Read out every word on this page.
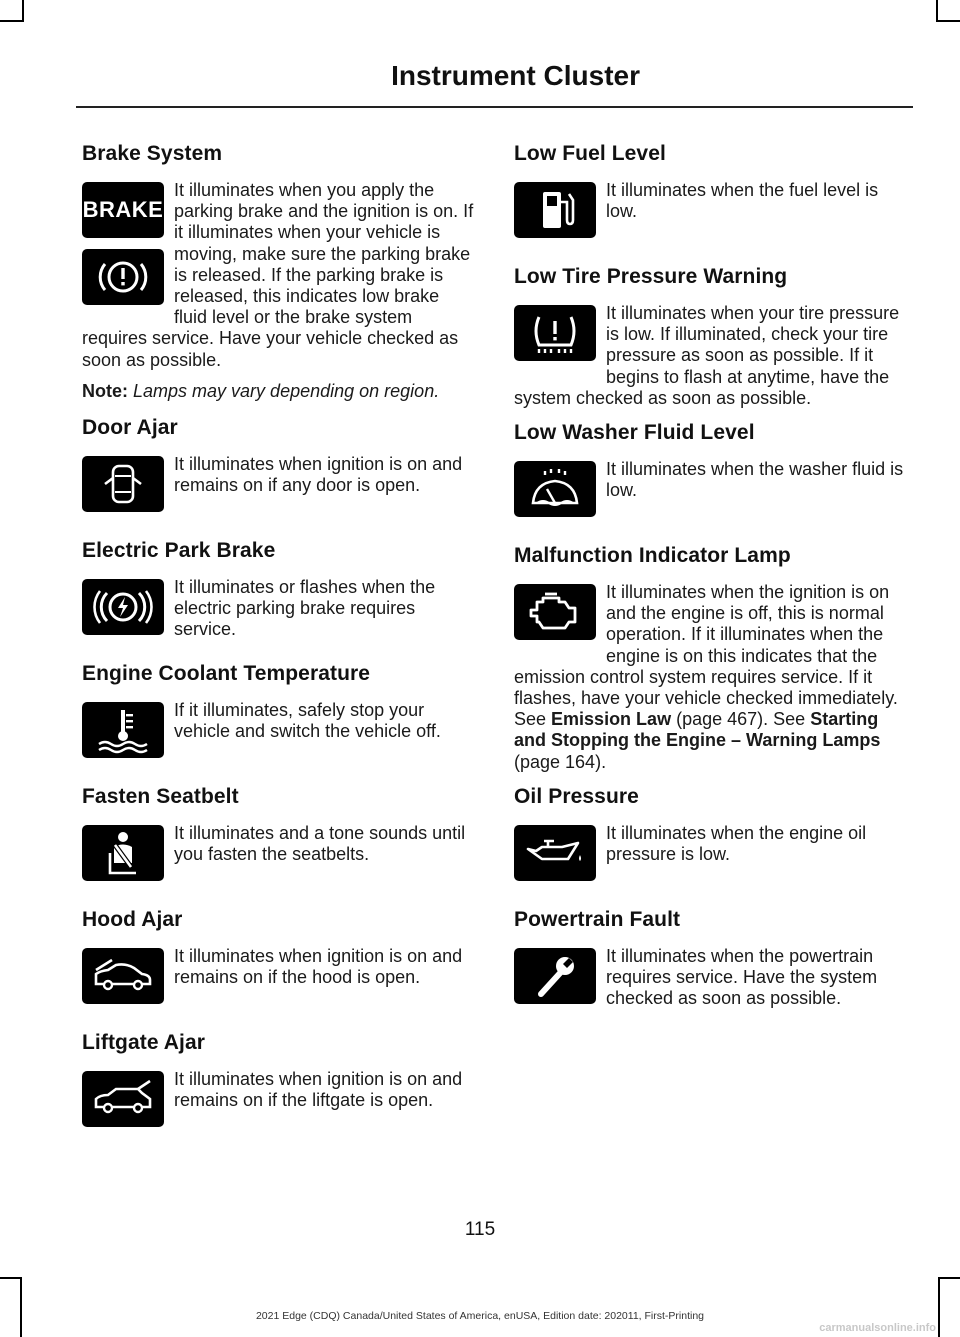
Instrument Cluster
Brake System
BRAKE

It illuminates when you apply the parking brake and the ignition is on. If it illuminates when your vehicle is moving, make sure the parking brake is released. If the parking brake is released, this indicates low brake fluid level or the brake system requires service. Have your vehicle checked as soon as possible.

Note: Lamps may vary depending on region.

Door Ajar

It illuminates when ignition is on and remains on if any door is open.

Electric Park Brake

It illuminates or flashes when the electric parking brake requires service.

Engine Coolant Temperature

If it illuminates, safely stop your vehicle and switch the vehicle off.

Fasten Seatbelt

It illuminates and a tone sounds until you fasten the seatbelts.

Hood Ajar

It illuminates when ignition is on and remains on if the hood is open.

Liftgate Ajar

It illuminates when ignition is on and remains on if the liftgate is open.

Low Fuel Level

It illuminates when the fuel level is low.

Low Tire Pressure Warning

It illuminates when your tire pressure is low. If illuminated, check your tire pressure as soon as possible. If it begins to flash at anytime, have the system checked as soon as possible.

Low Washer Fluid Level

It illuminates when the washer fluid is low.

Malfunction Indicator Lamp

It illuminates when the ignition is on and the engine is off, this is normal operation. If it illuminates when the engine is on this indicates that the emission control system requires service. If it flashes, have your vehicle checked immediately. See Emission Law (page 467). See Starting and Stopping the Engine – Warning Lamps (page 164).

Oil Pressure

It illuminates when the engine oil pressure is low.

Powertrain Fault

It illuminates when the powertrain requires service. Have the system checked as soon as possible.

115
2021 Edge (CDQ) Canada/United States of America, enUSA, Edition date: 202011, First-Printing
carmanualsonline.info
